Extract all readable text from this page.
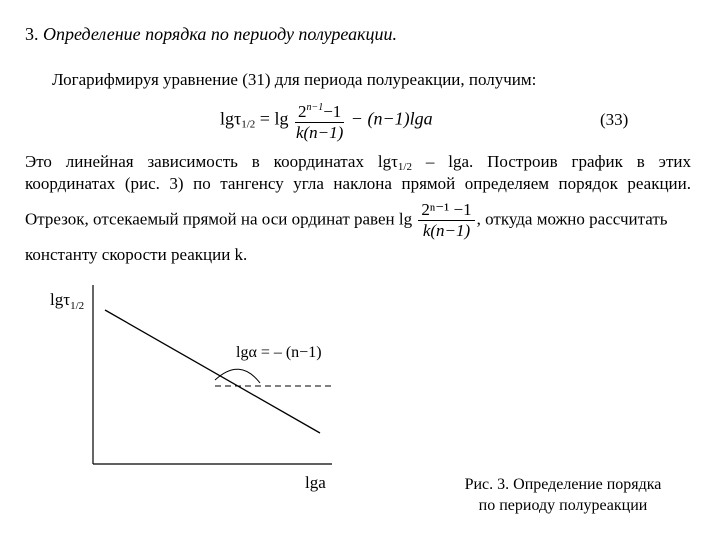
3. Определение порядка по периоду полуреакции.
Логарифмируя уравнение (31) для периода полуреакции, получим:
$\lg\tau_{1/2} = \lg \frac{2^{n-1}-1}{k(n-1)} - (n-1)\lg a$	(33)
Это линейная зависимость в координатах lgτ$_{1/2}$ – lga. Построив график в этих
координатах (рис. 3) по тангенсу угла наклона прямой определяем порядок реакции.
Отрезок, отсекаемый прямой на оси ординат равен $\lg \frac{\text{2ⁿ⁻¹ −1}}{k(n-1)}$ , откуда можно рассчитать
константу скорости реакции k.
lgτ$_{1/2}$
lgα = – (n−1)
lga	Рис. 3. Определение порядка
по периоду полуреакции
